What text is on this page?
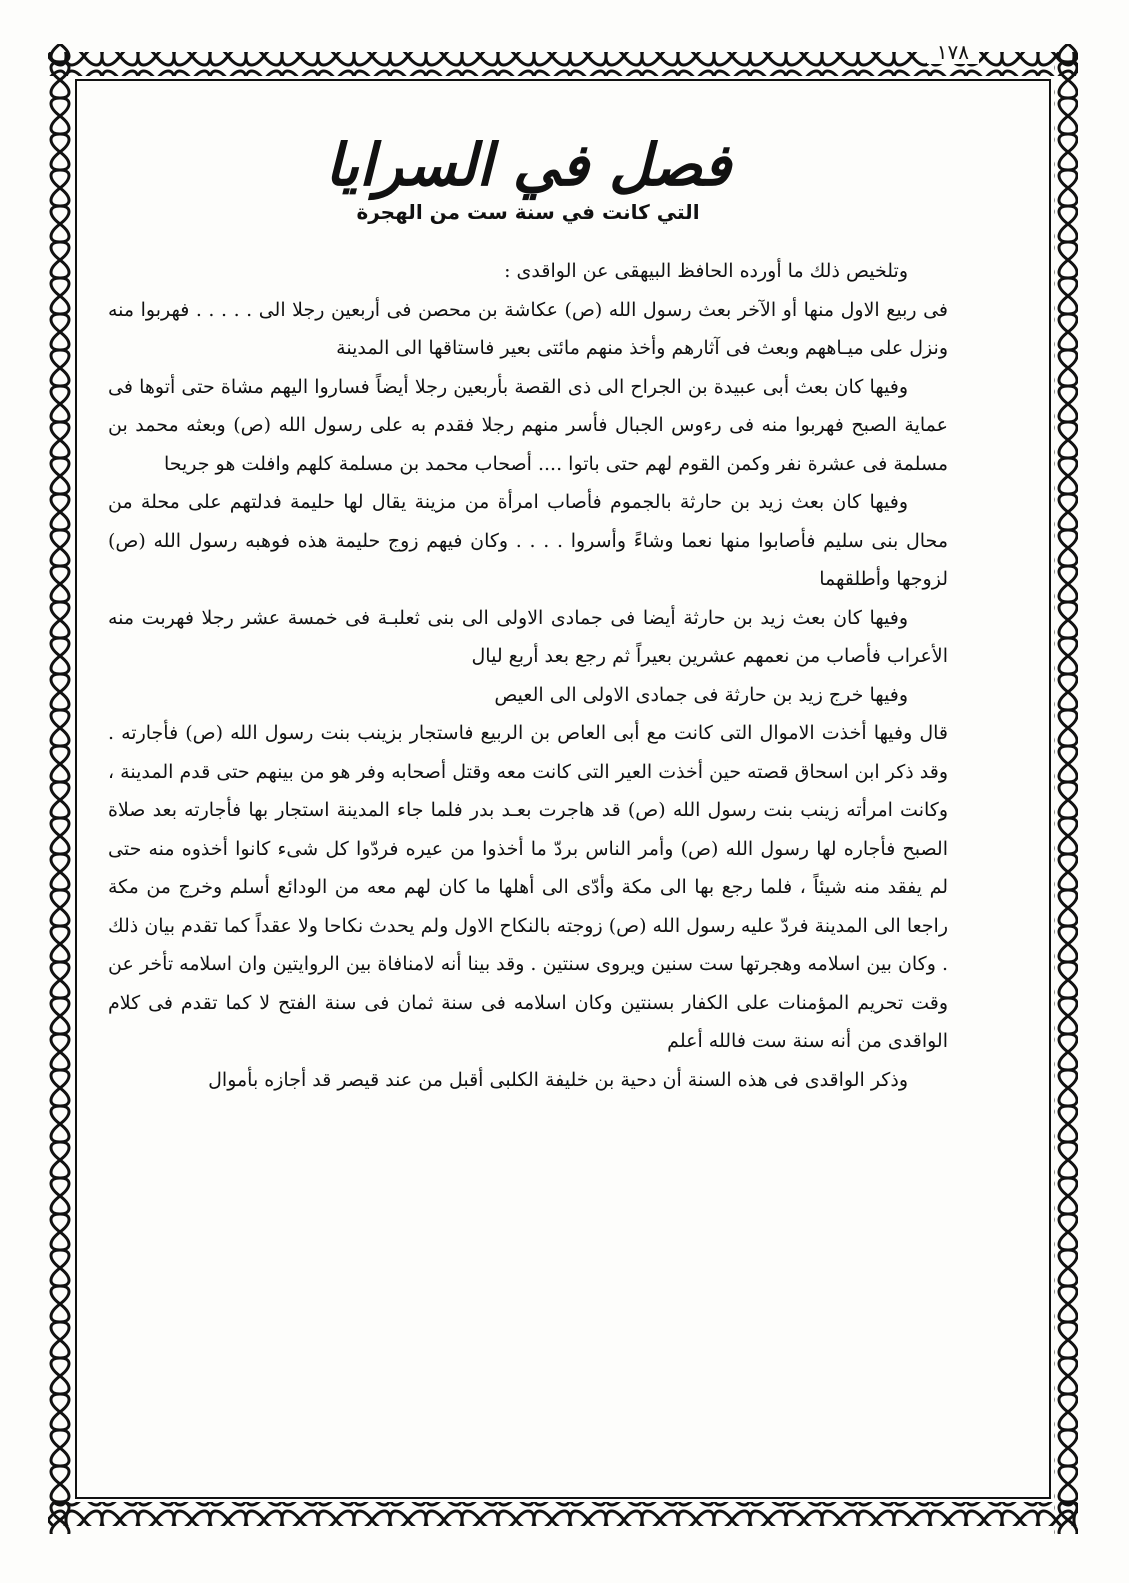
١٧٨
فصل في السرايا
التي كانت في سنة ست من الهجرة

وتلخيص ذلك ما أورده الحافظ البيهقى عن الواقدى :

فى ربيع الاول منها أو الآخر بعث رسول الله (ص) عكاشة بن محصن فى أربعين رجلا الى . . . . . فهربوا منه ونزل على ميـاههم وبعث فى آثارهم وأخذ منهم مائتى بعير فاستاقها الى المدينة

وفيها كان بعث أبى عبيدة بن الجراح الى ذى القصة بأربعين رجلا أيضاً فساروا اليهم مشاة حتى أتوها فى عماية الصبح فهربوا منه فى رءوس الجبال فأسر منهم رجلا فقدم به على رسول الله (ص) وبعثه محمد بن مسلمة فى عشرة نفر وكمن القوم لهم حتى باتوا .... أصحاب محمد بن مسلمة كلهم وافلت هو جريحا

وفيها كان بعث زيد بن حارثة بالجموم فأصاب امرأة من مزينة يقال لها حليمة فدلتهم على محلة من محال بنى سليم فأصابوا منها نعما وشاءً وأسروا . . . . وكان فيهم زوج حليمة هذه فوهبه رسول الله (ص) لزوجها وأطلقهما

وفيها كان بعث زيد بن حارثة أيضا فى جمادى الاولى الى بنى ثعلبـة فى خمسة عشر رجلا فهربت منه الأعراب فأصاب من نعمهم عشرين بعيراً ثم رجع بعد أربع ليال

وفيها خرج زيد بن حارثة فى جمادى الاولى الى العيص

قال وفيها أخذت الاموال التى كانت مع أبى العاص بن الربيع فاستجار بزينب بنت رسول الله (ص) فأجارته . وقد ذكر ابن اسحاق قصته حين أخذت العير التى كانت معه وقتل أصحابه وفر هو من بينهم حتى قدم المدينة ، وكانت امرأته زينب بنت رسول الله (ص) قد هاجرت بعـد بدر فلما جاء المدينة استجار بها فأجارته بعد صلاة الصبح فأجاره لها رسول الله (ص) وأمر الناس بردّ ما أخذوا من عيره فردّوا كل شىء كانوا أخذوه منه حتى لم يفقد منه شيئاً ، فلما رجع بها الى مكة وأدّى الى أهلها ما كان لهم معه من الودائع أسلم وخرج من مكة راجعا الى المدينة فردّ عليه رسول الله (ص) زوجته بالنكاح الاول ولم يحدث نكاحا ولا عقداً كما تقدم بيان ذلك . وكان بين اسلامه وهجرتها ست سنين ويروى سنتين . وقد بينا أنه لامنافاة بين الروايتين وان اسلامه تأخر عن وقت تحريم المؤمنات على الكفار بسنتين وكان اسلامه فى سنة ثمان فى سنة الفتح لا كما تقدم فى كلام الواقدى من أنه سنة ست فالله أعلم

وذكر الواقدى فى هذه السنة أن دحية بن خليفة الكلبى أقبل من عند قيصر قد أجازه بأموال
